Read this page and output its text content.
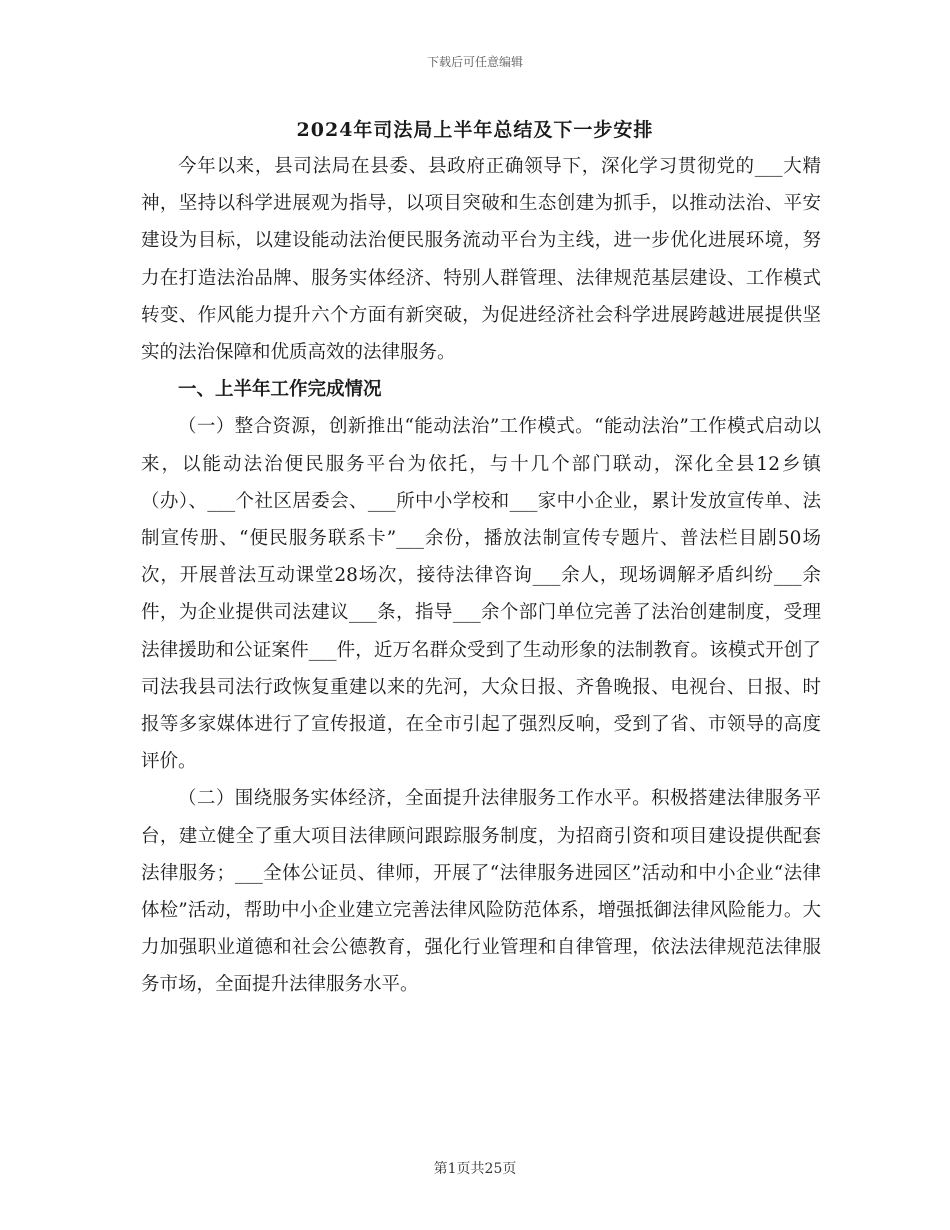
下载后可任意编辑
2024年司法局上半年总结及下一步安排

今年以来，县司法局在县委、县政府正确领导下，深化学习贯彻党的___大精神，坚持以科学进展观为指导，以项目突破和生态创建为抓手，以推动法治、平安建设为目标，以建设能动法治便民服务流动平台为主线，进一步优化进展环境，努力在打造法治品牌、服务实体经济、特别人群管理、法律规范基层建设、工作模式转变、作风能力提升六个方面有新突破，为促进经济社会科学进展跨越进展提供坚实的法治保障和优质高效的法律服务。

一、上半年工作完成情况

（一）整合资源，创新推出“能动法治”工作模式。“能动法治”工作模式启动以来，以能动法治便民服务平台为依托，与十几个部门联动，深化全县12乡镇（办）、___个社区居委会、___所中小学校和___家中小企业，累计发放宣传单、法制宣传册、“便民服务联系卡”___余份，播放法制宣传专题片、普法栏目剧50场次，开展普法互动课堂28场次，接待法律咨询___余人，现场调解矛盾纠纷___余件，为企业提供司法建议___条，指导___余个部门单位完善了法治创建制度，受理法律援助和公证案件___件，近万名群众受到了生动形象的法制教育。该模式开创了司法我县司法行政恢复重建以来的先河，大众日报、齐鲁晚报、电视台、日报、时报等多家媒体进行了宣传报道，在全市引起了强烈反响，受到了省、市领导的高度评价。

（二）围绕服务实体经济，全面提升法律服务工作水平。积极搭建法律服务平台，建立健全了重大项目法律顾问跟踪服务制度，为招商引资和项目建设提供配套法律服务；___全体公证员、律师，开展了“法律服务进园区”活动和中小企业“法律体检”活动，帮助中小企业建立完善法律风险防范体系，增强抵御法律风险能力。大力加强职业道德和社会公德教育，强化行业管理和自律管理，依法法律规范法律服务市场，全面提升法律服务水平。

第1页共25页
